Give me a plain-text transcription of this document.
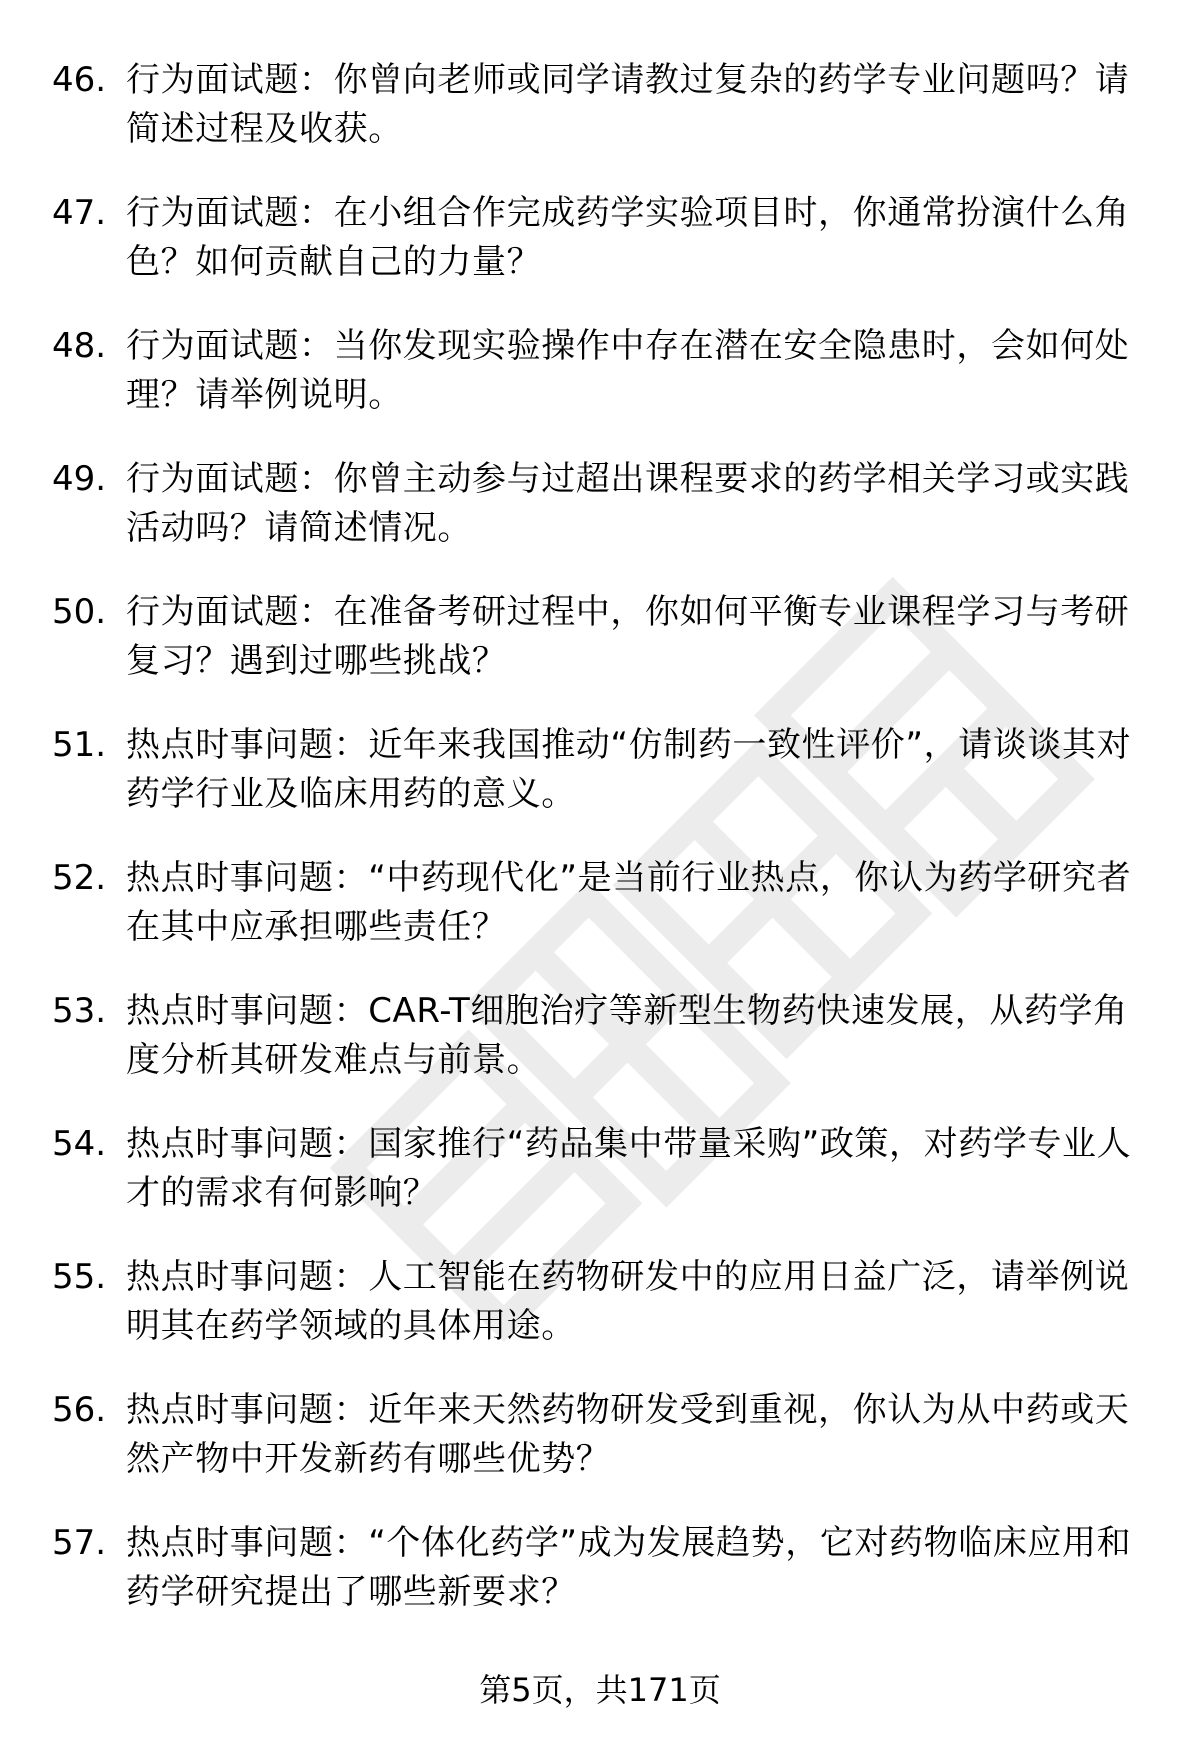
46. 行为面试题：你曾向老师或同学请教过复杂的药学专业问题吗？请简述过程及收获。
47. 行为面试题：在小组合作完成药学实验项目时，你通常扮演什么角色？如何贡献自己的力量？
48. 行为面试题：当你发现实验操作中存在潜在安全隐患时，会如何处理？请举例说明。
49. 行为面试题：你曾主动参与过超出课程要求的药学相关学习或实践活动吗？请简述情况。
50. 行为面试题：在准备考研过程中，你如何平衡专业课程学习与考研复习？遇到过哪些挑战？
51. 热点时事问题：近年来我国推动“仿制药一致性评价”，请谈谈其对药学行业及临床用药的意义。
52. 热点时事问题：“中药现代化”是当前行业热点，你认为药学研究者在其中应承担哪些责任？
53. 热点时事问题：CAR-T细胞治疗等新型生物药快速发展，从药学角度分析其研发难点与前景。
54. 热点时事问题：国家推行“药品集中带量采购”政策，对药学专业人才的需求有何影响？
55. 热点时事问题：人工智能在药物研发中的应用日益广泛，请举例说明其在药学领域的具体用途。
56. 热点时事问题：近年来天然药物研发受到重视，你认为从中药或天然产物中开发新药有哪些优势？
57. 热点时事问题：“个体化药学”成为发展趋势，它对药物临床应用和药学研究提出了哪些新要求？
第5页，共171页
